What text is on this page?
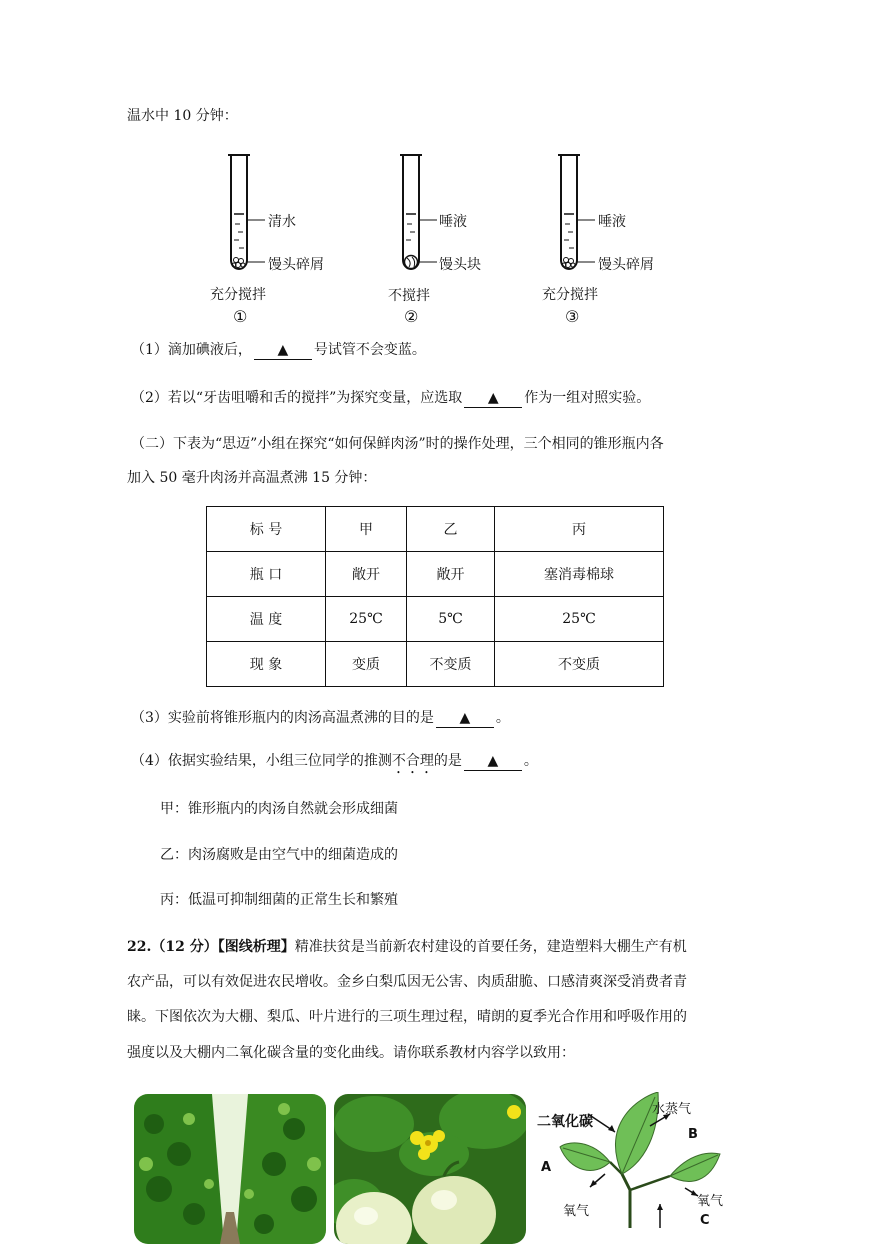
温水中 10 分钟：
清水
馒头碎屑
充分搅拌
①
唾液
馒头块
不搅拌
②
唾液
馒头碎屑
充分搅拌
③
（1）滴加碘液后， ▲ 号试管不会变蓝。
（2）若以“牙齿咀嚼和舌的搅拌”为探究变量，应选取 ▲ 作为一组对照实验。
（二）下表为“思迈”小组在探究“如何保鲜肉汤”时的操作处理，三个相同的锥形瓶内各
加入 50 毫升肉汤并高温煮沸 15 分钟：
标 号	甲	乙	丙
瓶 口	敞开	敞开	塞消毒棉球
温 度	25℃	5℃	25℃
现 象	变质	不变质	不变质
（3）实验前将锥形瓶内的肉汤高温煮沸的目的是 ▲ 。
（4）依据实验结果，小组三位同学的推测不合理的是 ▲ 。
甲：锥形瓶内的肉汤自然就会形成细菌
乙：肉汤腐败是由空气中的细菌造成的
丙：低温可抑制细菌的正常生长和繁殖
22.（12 分）【图线析理】精准扶贫是当前新农村建设的首要任务，建造塑料大棚生产有机
农产品，可以有效促进农民增收。金乡白梨瓜因无公害、肉质甜脆、口感清爽深受消费者青
睐。下图依次为大棚、梨瓜、叶片进行的三项生理过程，晴朗的夏季光合作用和呼吸作用的
强度以及大棚内二氧化碳含量的变化曲线。请你联系教材内容学以致用：
二氧化碳
水蒸气
B
A
氧气
氧气
C
